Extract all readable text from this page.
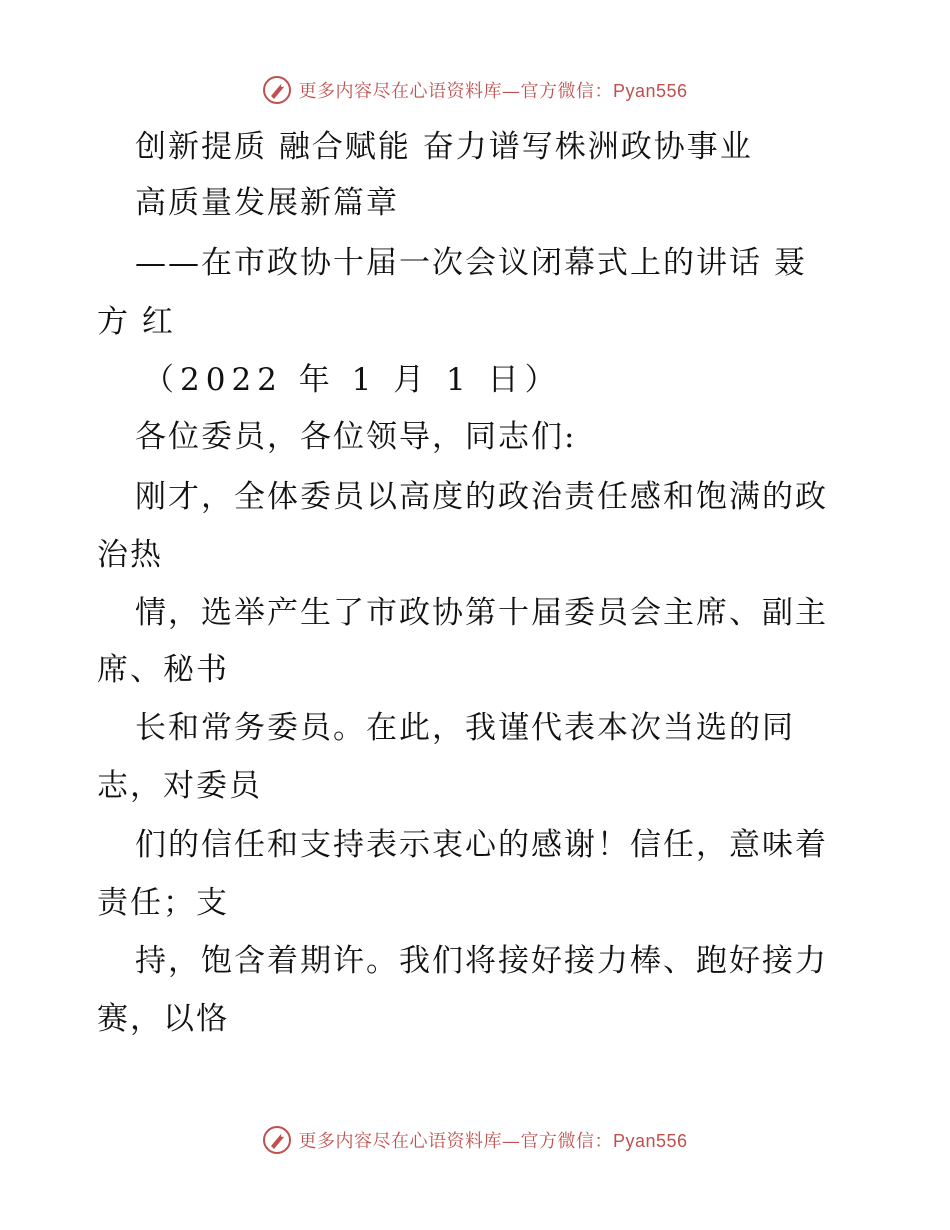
更多内容尽在心语资料库—官方微信：Pyan556
创新提质 融合赋能 奋力谱写株洲政协事业
高质量发展新篇章
——在市政协十届一次会议闭幕式上的讲话 聂
方 红
（2022 年 1 月 1 日）
各位委员，各位领导，同志们:
刚才，全体委员以高度的政治责任感和饱满的政
治热
情，选举产生了市政协第十届委员会主席、副主
席、秘书
长和常务委员。在此，我谨代表本次当选的同
志，对委员
们的信任和支持表示衷心的感谢！信任，意味着
责任；支
持，饱含着期许。我们将接好接力棒、跑好接力
赛，以恪
更多内容尽在心语资料库—官方微信：Pyan556
